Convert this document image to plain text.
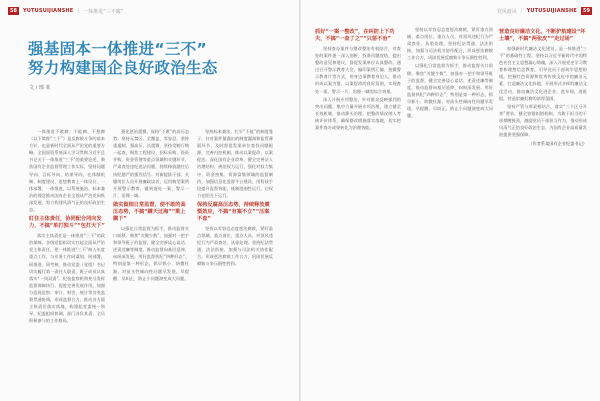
58	YUTUSUIJIANSHE | 一体推进“三不腐”
强基固本一体推进“三不”
努力构建国企良好政治生态
文 / 邢 某

一体推进不敢腐、不能腐、不想腐（以下简称“三不”）是反腐败斗争的基本方针，也是新时代全面从严治党的重要方略。全国国资系统深入学习贯彻习近平总书记关于一体推进“三不”的重要论述，聚焦国有企业监督管理工作实际，坚持问题导向、目标导向、结果导向，在体制机制、制度建设、思想教育上一体设计、一体部署、一体推进，以系统施治、标本兼治的理念推动国有企业全面从严治党向纵深发展，努力构建风清气正的良好政治生态。

盯住主体责任，协同配合同向发力，不搞“单打独斗”“包打天下”

落实主体责任是一体推进“三不”的政治保障。各级党组织切实扛起全面从严治党主体责任，把一体推进“三不”纳入年度重点工作，与业务工作同谋划、同部署、同推进、同考核，推动党委（党组）书记切实履行第一责任人职责，班子成员认真落实“一岗双责”。纪检监察机构充分发挥监督保障执行、促进完善发展作用，加强与巡视巡察、审计、财会、统计等各类监督贯通协调，形成监督合力，推动各方面主体责任落实落地，构建起党委统一领导、纪委组织协调、部门各负其责、全员积极参与的工作格局。

强化惩治震慑，保持“不敢”的高压态势。坚持无禁区、全覆盖、零容忍，坚持重遏制、强高压、长震慑，坚持受贿行贿一起查，聚焦工程建设、招标采购、投资并购、资金管理等重点领域和关键环节，严肃查处违纪违法问题，持续释放越往后执纪越严的强烈信号。对新提拔干部、关键岗位人员开展廉政谈话，运用典型案例开展警示教育，做到查处一案、警示一片、治理一域。

做实做细日常监督，使不敢的高压态势，不搞“瞒天过海”“欺上瞒下”

以强化日常监督为抓手，推动监督关口前移。聚焦“关键少数”，加强对一把手和领导班子的监督，健全完善谈心谈话、述责述廉等制度，推动监督向基层延伸、向纵深发展。用好监督执纪“四种形态”，特别是第一种形态，抓早抓小、防微杜渐，对苗头性倾向性问题早发现、早提醒、早纠正，防止小问题演变成大问题。

坚持标本兼治，扎牢“不能”的制度笼子。针对案件暴露出的制度漏洞和监管薄弱环节，及时督促发案单位查找问题根源，完善内控机制，推动以案促改、以案促治。深化国有企业改革，健全完善法人治理结构，规范权力运行，强化对权力集中、资金密集、资源富集领域的监督制约，加强信息化监督平台建设，用科技手段提升监督效能，使制度刚性运行，让权力在阳光下运行。

保持反腐高压态势，持续释放震慑效应，不搞“有案不立”“压案不查”

坚持以零容忍态度惩治腐败，紧盯重点领域、重点岗位、重点人员，对顶风违纪行为严肃查处、从重处理。坚持纪法贯通、法法衔接，加强与司法机关协作配合，形成惩治腐败工作合力，巩固发展反腐败斗争压倒性胜利。

党风政风 | YUTUSUIJIANSHE	59
抓好“一案一整改”，在纠防上下功夫，不搞“一查了之”“只惩不治”

坚持查办案件与整改整治有机结合，对查处的案件逐一深入剖析，找准问题症结，提出整改意见和建议，督促发案单位认真整改。通过召开警示教育大会、编印案例汇编、拍摄警示教育片等方式，用身边事教育身边人，推动形成以案为鉴、以案促改的良好氛围，实现查处一案、警示一片、治理一域的综合效果。

深入开展专项整治，针对群众反映强烈的突出问题，集中力量开展专项治理，建立健全长效机制，推动源头治理。把整改情况纳入考核评价体系，确保整改措施落实落地，切实把案件查办成果转化为治理效能。

坚持以零容忍态度惩治腐败，紧盯重点领域、重点岗位、重点人员，对顶风违纪行为严肃查处、从重处理。坚持纪法贯通、法法衔接，加强与司法机关协作配合，形成惩治腐败工作合力，巩固发展反腐败斗争压倒性胜利。

以强化日常监督为抓手，推动监督关口前移。聚焦“关键少数”，加强对一把手和领导班子的监督，健全完善谈心谈话、述责述廉等制度，推动监督向基层延伸、向纵深发展。用好监督执纪“四种形态”，特别是第一种形态，抓早抓小、防微杜渐，对苗头性倾向性问题早发现、早提醒、早纠正，防止小问题演变成大问题。

营造良好廉洁文化，不断护航建设“坏土壤”，不搞“两张皮”“走过场”

加强新时代廉洁文化建设，是一体推进“三不”的基础性工程。坚持以习近平新时代中国特色社会主义思想凝心铸魂，深入开展党史学习教育和理想信念教育，引导党员干部筑牢思想防线。挖掘红色资源和优秀传统文化中的廉洁元素，打造廉洁文化阵地，开展形式多样的廉洁文化活动，推动廉洁文化进企业、进车间、进班组，营造崇廉拒腐的浓厚氛围。

坚持严管与厚爱相结合，落实“三个区分开来”要求，健全容错纠错机制，为敢于担当的干部撑腰鼓劲，激励党员干部担当作为，推动形成风清气正的良好政治生态，为国有企业高质量发展提供坚强保障。

（作者系某国有企业纪委书记）
